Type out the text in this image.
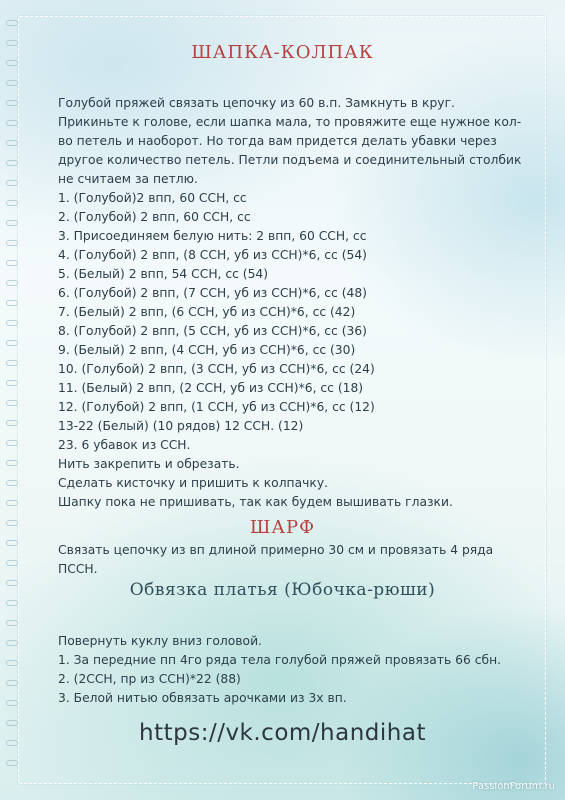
ШАПКА-КОЛПАК

Голубой пряжей связать цепочку из 60 в.п. Замкнуть в круг. Прикиньте к голове, если шапка мала, то провяжите еще нужное кол-во петель и наоборот. Но тогда вам придется делать убавки через другое количество петель. Петли подъема и соединительный столбик не считаем за петлю.

1. (Голубой)2 впп, 60 ССН, сс
2. (Голубой) 2 впп, 60 ССН, сс
3. Присоединяем белую нить: 2 впп, 60 ССН, сс
4. (Голубой) 2 впп, (8 ССН, уб из ССН)*6, сс (54)
5. (Белый) 2 впп, 54 ССН, сс (54)
6. (Голубой) 2 впп, (7 ССН, уб из ССН)*6, сс (48)
7. (Белый) 2 впп, (6 ССН, уб из ССН)*6, сс (42)
8. (Голубой) 2 впп, (5 ССН, уб из ССН)*6, сс (36)
9. (Белый) 2 впп, (4 ССН, уб из ССН)*6, сс (30)
10. (Голубой) 2 впп, (3 ССН, уб из ССН)*6, сс (24)
11. (Белый) 2 впп, (2 ССН, уб из ССН)*6, сс (18)
12. (Голубой) 2 впп, (1 ССН, уб из ССН)*6, сс (12)
13-22 (Белый) (10 рядов) 12 ССН. (12)
23. 6 убавок из ССН.
Нить закрепить и обрезать.
Сделать кисточку и пришить к колпачку.
Шапку пока не пришивать, так как будем вышивать глазки.
ШАРФ

Связать цепочку из вп длиной примерно 30 см и провязать 4 ряда ПССН.

Обвязка платья (Юбочка-рюши)
Повернуть куклу вниз головой.
1. За передние пп 4го ряда тела голубой пряжей провязать 66 сбн.
2. (2ССН, пр из ССН)*22 (88)
3. Белой нитью обвязать арочками из 3х вп.
https://vk.com/handihat
PassionForum.ru
